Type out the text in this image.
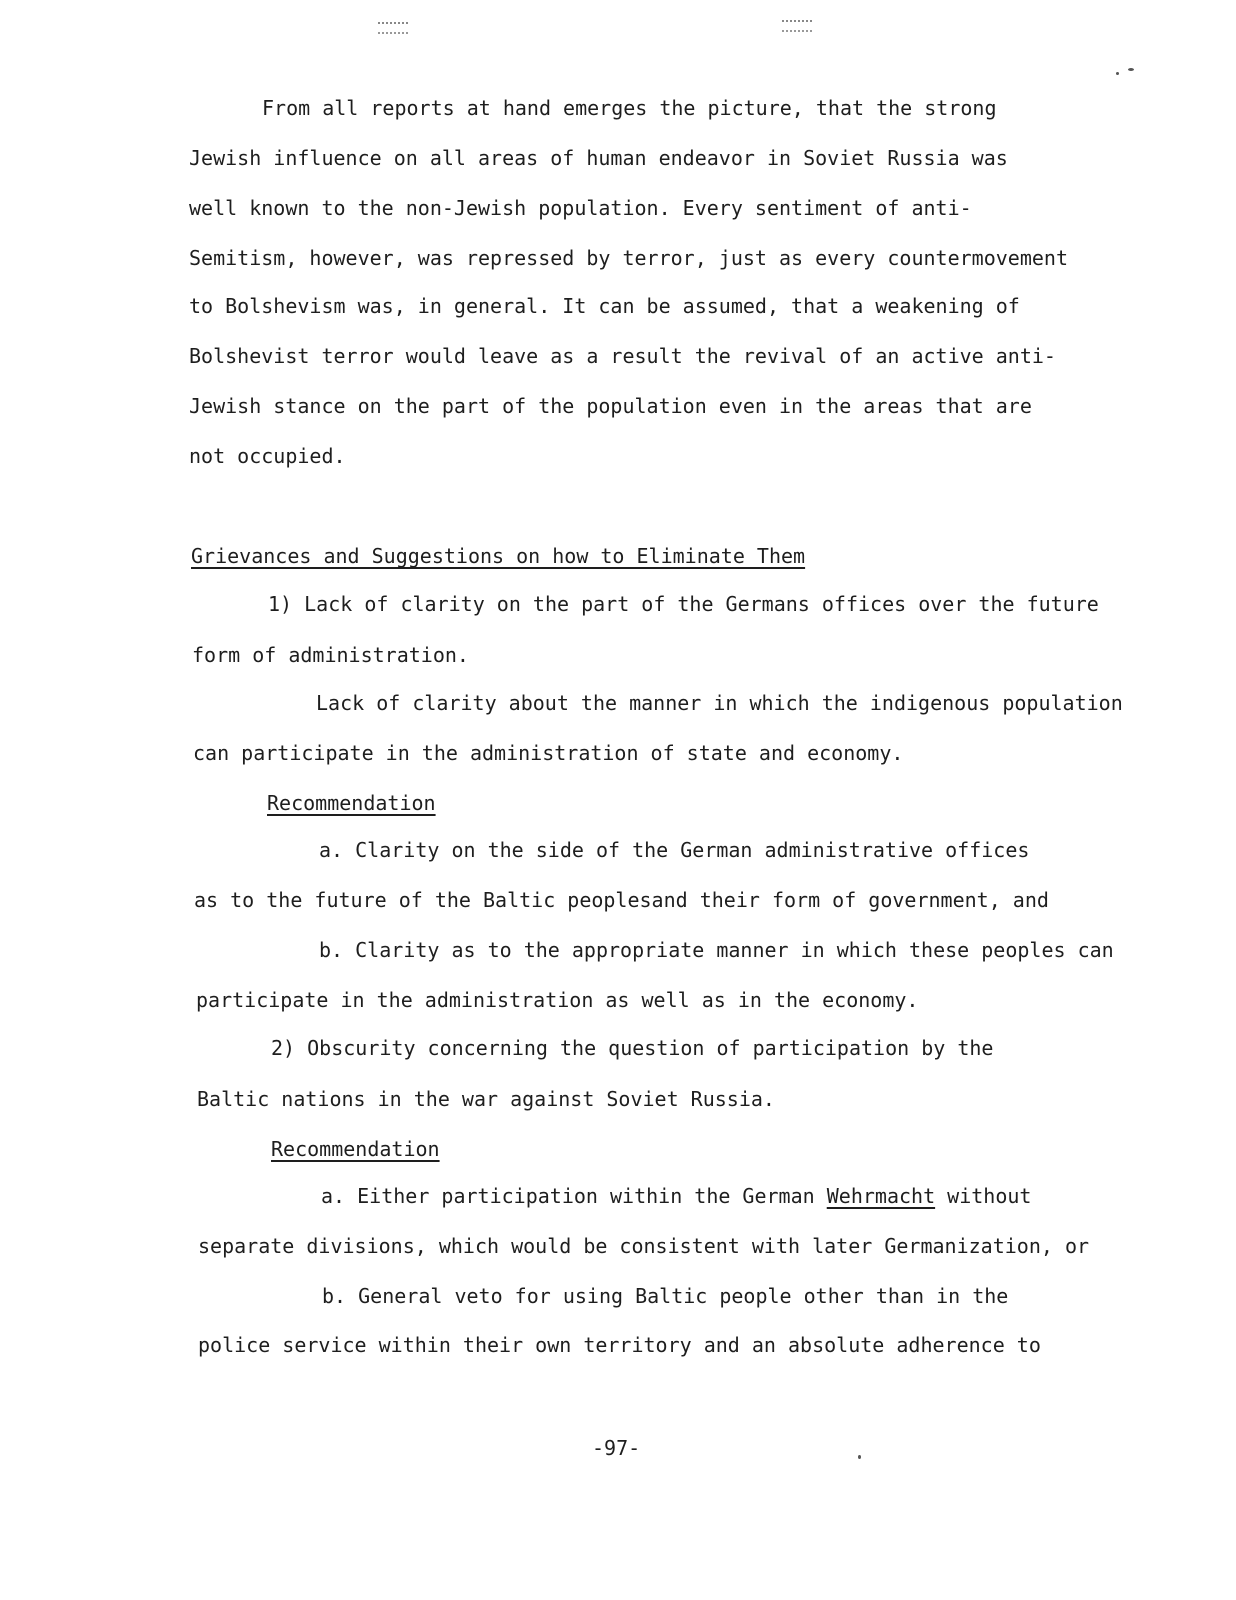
From all reports at hand emerges the picture, that the strong
Jewish influence on all areas of human endeavor in Soviet Russia was
well known to the non-Jewish population. Every sentiment of anti-
Semitism, however, was repressed by terror, just as every countermovement
to Bolshevism was, in general. It can be assumed, that a weakening of
Bolshevist terror would leave as a result the revival of an active anti-
Jewish stance on the part of the population even in the areas that are
not occupied.
Grievances and Suggestions on how to Eliminate Them
1) Lack of clarity on the part of the Germans offices over the future
form of administration.
Lack of clarity about the manner in which the indigenous population
can participate in the administration of state and economy.
Recommendation
a. Clarity on the side of the German administrative offices
as to the future of the Baltic peoplesand their form of government, and
b. Clarity as to the appropriate manner in which these peoples can
participate in the administration as well as in the economy.
2) Obscurity concerning the question of participation by the
Baltic nations in the war against Soviet Russia.
Recommendation
a. Either participation within the German Wehrmacht without
separate divisions, which would be consistent with later Germanization, or
b. General veto for using Baltic people other than in the
police service within their own territory and an absolute adherence to
-97-
